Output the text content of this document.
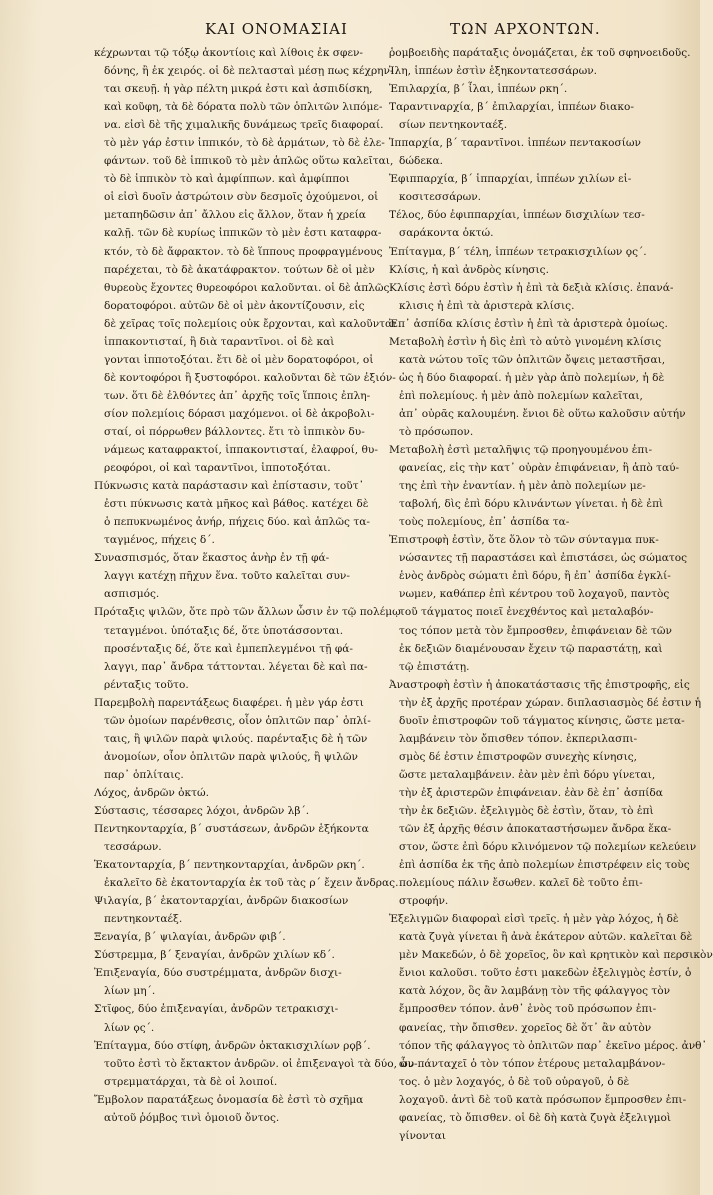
ΚΑΙ ΟΝΟΜΑΣΙΑΙ	ΤΩΝ ΑΡΧΟΝΤΩΝ.
κέχρωνται τῷ τόξῳ ἀκοντίοις καὶ λίθοις ἐκ σφεν-
δόνης, ἢ ἐκ χειρός. οἱ δὲ πελτασταὶ μέσῃ πως κέχρην-
ται σκευῇ. ἡ γὰρ πέλτη μικρά ἐστι καὶ ἀσπιδίσκη,
καὶ κοῦφη, τὰ δὲ δόρατα πολὺ τῶν ὁπλιτῶν λιπόμε-
να. εἰσὶ δὲ τῆς χιμαλικῆς δυνάμεως τρεῖς διαφοραί.
τὸ μὲν γάρ ἐστιν ἱππικόν, τὸ δὲ ἁρμάτων, τὸ δὲ ἐλε-
φάντων. τοῦ δὲ ἱππικοῦ τὸ μὲν ἁπλῶς οὕτω καλεῖται,
τὸ δὲ ἱππικὸν τὸ καὶ ἀμφίππων. καὶ ἀμφίπποι
οἱ εἰσὶ δυοῖν ἀστρώτοιν σὺν δεσμοῖς ὀχούμενοι, οἱ
μεταπηδῶσιν ἀπ᾽ ἄλλου εἰς ἄλλον, ὅταν ἡ χρεία
καλῇ. τῶν δὲ κυρίως ἱππικῶν τὸ μὲν ἐστι καταφρα-
κτόν, τὸ δὲ ἄφρακτον. τὸ δὲ ἵππους προφραγμένους
παρέχεται, τὸ δὲ ἀκατάφρακτον. τούτων δὲ οἱ μὲν
θυρεοὺς ἔχοντες θυρεοφόροι καλοῦνται. οἱ δὲ ἁπλῶς
δορατοφόροι. αὐτῶν δὲ οἱ μὲν ἀκοντίζουσιν, εἰς
δὲ χεῖρας τοῖς πολεμίοις οὐκ ἔρχονται, καὶ καλοῦνται
ἱππακοντισταί, ἢ διὰ ταραντῖνοι. οἱ δὲ καὶ
γονται ἱπποτοξόται. ἔτι δὲ οἱ μὲν δορατοφόροι, οἱ
δὲ κοντοφόροι ἢ ξυστοφόροι. καλοῦνται δὲ τῶν ἐξιόν-
των. ὅτι δὲ ἐλθόντες ἀπ᾽ ἀρχῆς τοῖς ἵπποις ἐπλη-
σίον πολεμίοις δόρασι μαχόμενοι. οἱ δὲ ἀκροβολι-
σταί, οἱ πόρρωθεν βάλλοντες. ἔτι τὸ ἱππικὸν δυ-
νάμεως καταφρακτοί, ἱππακοντισταί, ἐλαφροί, θυ-
ρεοφόροι, οἱ καὶ ταραντῖνοι, ἱπποτοξόται.
Πύκνωσις κατὰ παράστασιν καὶ ἐπίστασιν, τοῦτ᾽
ἐστι πύκνωσις κατὰ μῆκος καὶ βάθος. κατέχει δὲ
ὁ πεπυκνωμένος ἀνήρ, πήχεις δύο. καὶ ἁπλῶς τα-
ταγμένος, πήχεις δ΄.
Συνασπισμός, ὅταν ἕκαστος ἀνὴρ ἐν τῇ φά-
λαγγι κατέχῃ πῆχυν ἕνα. τοῦτο καλεῖται συν-
ασπισμός.
Πρόταξις ψιλῶν, ὅτε πρὸ τῶν ἄλλων ὦσιν ἐν τῷ πολέμῳ
τεταγμένοι. ὑπόταξις δέ, ὅτε ὑποτάσσονται.
προσένταξις δέ, ὅτε καὶ ἐμπεπλεγμένοι τῇ φά-
λαγγι, παρ᾽ ἄνδρα τάττονται. λέγεται δὲ καὶ πα-
ρένταξις τοῦτο.
Παρεμβολὴ παρεντάξεως διαφέρει. ἡ μὲν γάρ ἐστι
τῶν ὁμοίων παρένθεσις, οἷον ὁπλιτῶν παρ᾽ ὁπλί-
ταις, ἢ ψιλῶν παρὰ ψιλούς. παρένταξις δὲ ἡ τῶν
ἀνομοίων, οἷον ὁπλιτῶν παρὰ ψιλούς, ἢ ψιλῶν
παρ᾽ ὁπλίταις.
Λόχος, ἀνδρῶν ὀκτώ.
Σύστασις, τέσσαρες λόχοι, ἀνδρῶν λβ΄.
Πεντηκονταρχία, β΄ συστάσεων, ἀνδρῶν ἑξήκοντα
τεσσάρων.
Ἑκατονταρχία, β΄ πεντηκονταρχίαι, ἀνδρῶν ρκη΄.
ἐκαλεῖτο δὲ ἑκατονταρχία ἐκ τοῦ τὰς ρ΄ ἔχειν ἄνδρας.
Ψιλαγία, β΄ ἑκατονταρχίαι, ἀνδρῶν διακοσίων
πεντηκονταέξ.
Ξεναγία, β΄ ψιλαγίαι, ἀνδρῶν φιβ΄.
Σύστρεμμα, β΄ ξεναγίαι, ἀνδρῶν χιλίων κδ΄.
Ἐπιξεναγία, δύο συστρέμματα, ἀνδρῶν δισχι-
λίων μη΄.
Στῖφος, δύο ἐπιξεναγίαι, ἀνδρῶν τετρακισχι-
λίων ϙς΄.
Ἐπίταγμα, δύο στίφη, ἀνδρῶν ὀκτακισχιλίων ρϙβ΄.
τοῦτο ἐστὶ τὸ ἔκτακτον ἀνδρῶν. οἱ ἐπιξεναγοὶ τὰ δύο, συ-
στρεμματάρχαι, τὰ δὲ οἱ λοιποί.
Ἔμβολον παρατάξεως ὀνομασία δὲ ἐστὶ τὸ σχῆμα
αὐτοῦ ῥόμβος τινὶ ὁμοιοῦ ὄντος.
ῥομβοειδὴς παράταξις ὀνομάζεται, ἐκ τοῦ σφηνοειδοῦς.
Ἰλη, ἱππέων ἐστὶν ἑξηκοντατεσσάρων.
Ἐπιλαρχία, β΄ ἶλαι, ἱππέων ρκη΄.
Ταραντιναρχία, β΄ ἐπιλαρχίαι, ἱππέων διακο-
σίων πεντηκονταέξ.
Ἱππαρχία, β΄ ταραντῖνοι. ἱππέων πεντακοσίων
δώδεκα.
Ἐφιππαρχία, β΄ ἱππαρχίαι, ἱππέων χιλίων εἰ-
κοσιτεσσάρων.
Τέλος, δύο ἐφιππαρχίαι, ἱππέων δισχιλίων τεσ-
σαράκοντα ὀκτώ.
Ἐπίταγμα, β΄ τέλη, ἱππέων τετρακισχιλίων ϙς΄.
Κλίσις, ἡ καὶ ἀνδρὸς κίνησις.
Κλίσις ἐστὶ δόρυ ἐστὶν ἡ ἐπὶ τὰ δεξιὰ κλίσις. ἐπανά-
κλισις ἡ ἐπὶ τὰ ἀριστερὰ κλίσις.
Ἐπ᾽ ἀσπίδα κλίσις ἐστὶν ἡ ἐπὶ τὰ ἀριστερὰ ὁμοίως.
Μεταβολὴ ἐστὶν ἡ δὶς ἐπὶ τὸ αὐτὸ γινομένη κλίσις
κατὰ νώτου τοῖς τῶν ὁπλιτῶν ὄψεις μεταστῆσαι,
ὡς ἡ δύο διαφοραί. ἡ μὲν γὰρ ἀπὸ πολεμίων, ἡ δὲ
ἐπὶ πολεμίους. ἡ μὲν ἀπὸ πολεμίων καλεῖται,
ἀπ᾽ οὐρᾶς καλουμένη. ἔνιοι δὲ οὕτω καλοῦσιν αὐτήν
τὸ πρόσωπον.
Μεταβολὴ ἐστὶ μεταλῆψις τῷ προηγουμένου ἐπι-
φανείας, εἰς τὴν κατ᾽ οὐρὰν ἐπιφάνειαν, ἢ ἀπὸ ταύ-
της ἐπὶ τὴν ἐναντίαν. ἡ μὲν ἀπὸ πολεμίων με-
ταβολή, δὶς ἐπὶ δόρυ κλινάντων γίνεται. ἡ δὲ ἐπὶ
τοὺς πολεμίους, ἐπ᾽ ἀσπίδα τα-
Ἐπιστροφὴ ἐστὶν, ὅτε ὅλον τὸ τῶν σύνταγμα πυκ-
νώσαντες τῇ παραστάσει καὶ ἐπιστάσει, ὡς σώματος
ἑνὸς ἀνδρὸς σώματι ἐπὶ δόρυ, ἢ ἐπ᾽ ἀσπίδα ἐγκλί-
νωμεν, καθάπερ ἐπὶ κέντρου τοῦ λοχαγοῦ, παντὸς
τοῦ τάγματος ποιεῖ ἐνεχθέντος καὶ μεταλαβόν-
τος τόπον μετὰ τὸν ἔμπροσθεν, ἐπιφάνειαν δὲ τῶν
ἐκ δεξιῶν διαμένουσαν ἔχειν τῷ παραστάτῃ, καὶ
τῷ ἐπιστάτῃ.
Ἀναστροφὴ ἐστὶν ἡ ἀποκατάστασις τῆς ἐπιστροφῆς, εἰς
τὴν ἐξ ἀρχῆς προτέραν χώραν. διπλασιασμὸς δέ ἐστιν ἡ
δυοῖν ἐπιστροφῶν τοῦ τάγματος κίνησις, ὥστε μετα-
λαμβάνειν τὸν ὄπισθεν τόπον. ἐκπεριλασπι-
σμὸς δέ ἐστιν ἐπιστροφῶν συνεχὴς κίνησις,
ὥστε μεταλαμβάνειν. ἐὰν μὲν ἐπὶ δόρυ γίνεται,
τὴν ἐξ ἀριστερῶν ἐπιφάνειαν. ἐὰν δὲ ἐπ᾽ ἀσπίδα
τὴν ἐκ δεξιῶν. ἐξελιγμὸς δὲ ἐστὶν, ὅταν, τὸ ἐπὶ
τῶν ἐξ ἀρχῆς θέσιν ἀποκαταστήσωμεν ἄνδρα ἕκα-
στον, ὥστε ἐπὶ δόρυ κλινόμενον τῷ πολεμίων κελεύειν
ἐπὶ ἀσπίδα ἐκ τῆς ἀπὸ πολεμίων ἐπιστρέφειν εἰς τοὺς
πολεμίους πάλιν ἔσωθεν. καλεῖ δὲ τοῦτο ἐπι-
στροφήν.
Ἐξελιγμῶν διαφοραὶ εἰσὶ τρεῖς. ἡ μὲν γὰρ λόχος, ἡ δὲ
κατὰ ζυγὰ γίνεται ἢ ἀνὰ ἑκάτερον αὐτῶν. καλεῖται δὲ
μὲν Μακεδών, ὁ δὲ χορεῖος, ὃν καὶ κρητικὸν καὶ περσικὸν
ἔνιοι καλοῦσι. τοῦτο ἐστι μακεδὼν ἐξελιγμὸς ἐστίν, ὁ
κατὰ λόχον, ὃς ἂν λαμβάνῃ τὸν τῆς φάλαγγος τὸν
ἔμπροσθεν τόπον. ἀνθ᾽ ἑνὸς τοῦ πρόσωπον ἐπι-
φανείας, τὴν ὄπισθεν. χορεῖος δὲ ὅτ᾽ ἂν αὐτὸν
τόπον τῆς φάλαγγος τὸ ὁπλιτῶν παρ᾽ ἐκεῖνο μέρος. ἀνθ᾽
ὧν πάνταχεῖ ὁ τὸν τόπον ἑτέρους μεταλαμβάνον-
τος. ὁ μὲν λοχαγός, ὁ δὲ τοῦ οὐραγοῦ, ὁ δὲ
λοχαγοῦ. ἀντὶ δὲ τοῦ κατὰ πρόσωπον ἔμπροσθεν ἐπι-
φανείας, τὸ ὄπισθεν. οἱ δὲ δὴ κατὰ ζυγὰ ἐξελιγμοὶ
γίνονται
